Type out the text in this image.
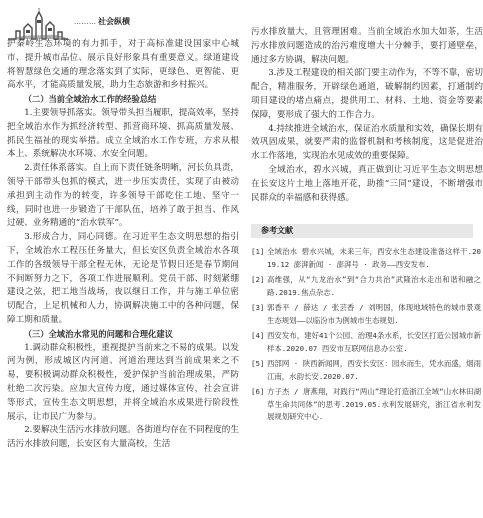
……… 社会纵横

护秦岭生态环境的有力抓手，对于高标准建设国家中心城市、提升城市品位、展示良好形象具有重要意义。绿道建设将智慧绿色交通的理念落实到了实际，更绿色、更智能、更高水平，才能高质量发展，助力生态旅游和乡村振兴。

（二）当前全域治水工作的经验总结

1.主要领导抓落实。领导带头担当履职，提高效率，坚持把全域治水作为抓经济转型、抓营商环境、抓高质量发展、抓民生福祉的现实举措。成立全域治水工作专班，方求从根本上、系统解决水环境、水安全问题。

2.责任体系落实。自上而下责任链条明晰，河长负具责，领导干部带头包抓的模式，进一步压实责任，实现了由被动承担到主动作为的转变，许多领导干部吃住工地、坚守一线，同时也进一步锻造了干部队伍，培养了敢于担当、作风过硬、业务精通的“治水铁军”。

3.形成合力，同心同德。在习近平生态文明思想的指引下，全域治水工程压任务量大，但长安区负责全域治水各项工作的各级领导干部全程无休，无论是节假日还是春节期间不间断努力之下，各项工作进展顺利。党员干部、时刻紧绷建设之弦，把工地当战场，夜以继日工作，并与施工单位密切配合，上足机械和人力，协调解决施工中的各种问题，保障工期和质量。

（三）全域治水常见的问题和合理化建议

1.调动群众积极性，重视提护当前来之不易的成果。以发河为例，形成城区内河道、河道治理达到当前成果来之不易，要积极调动群众积极性，爱护保护当前治理成果，严防杜绝二次污染。应加大宣传力度，通过媒体宣传，社会宣讲等形式，宣传生态文明思想，并将全域治水成果进行阶段性展示，让市民广为参与。

2.要解决生活污水排放问题。各街道均存在不同程度的生活污水排放问题，长安区有大量高校，生活

污水排放量大，且管理困难。当前全域治水加大如茶，生活污水排放问题造成的治污难度增大十分棘手，要打通壁垒，通过多方协调，解决问题。

3.涉及工程建设的相关部门要主动作为，不等不靠，密切配合，精准服务，开辟绿色通道，破解制约因素，打通制约项目建设的堵点痛点，提供用工、材料、土地、资金等要素保障，要形成了强大的工作合力。

4.持续推进全域治水，保证治水质量和实效，确保长期有效巩固成果，就要严肃的监督机制和考核制度，这是促进治水工作落地，实现治水见成效的重要保障。

全域治水，碧水兴城，真正做到让习近平生态文明思想在长安这片土地上落地开花，助推“三同”建设，不断增强市民群众的幸福感和获得感。

参考文献
[1] 全域治水 碧水兴城，未来三年，西安水生态建设准备这样干.2019.12 澎湃新闻 · 澎湃号 · 政务——西安发布.
[2] 高维强，从“九龙治水”到“合力共治”武隆治水走出和谐和融之路.2019.焦点杂志.
[3] 郭香平 / 薛达 / 张芸香 / 刘明国，体现地域特色的城市景观生态规划——以临汾市为例城市生态规划.
[4] 西安发布，建好41个公园、治理4条水系，长安区打造公园城市新样本.2020.07 西安市互联网信息办公室.
[5] 西部网 · 陕西新闻网，西安长安区：园水而生，凭水而盛，烟雨江南，水韵长安.2020.07.
[6] 方子杰 / 唐燕翔，对践行“两山”理论打造浙江全域“山水林田湖草生命共同体”的思考.2019.05.水利发展研究，浙江省水利发展规划研究中心.
